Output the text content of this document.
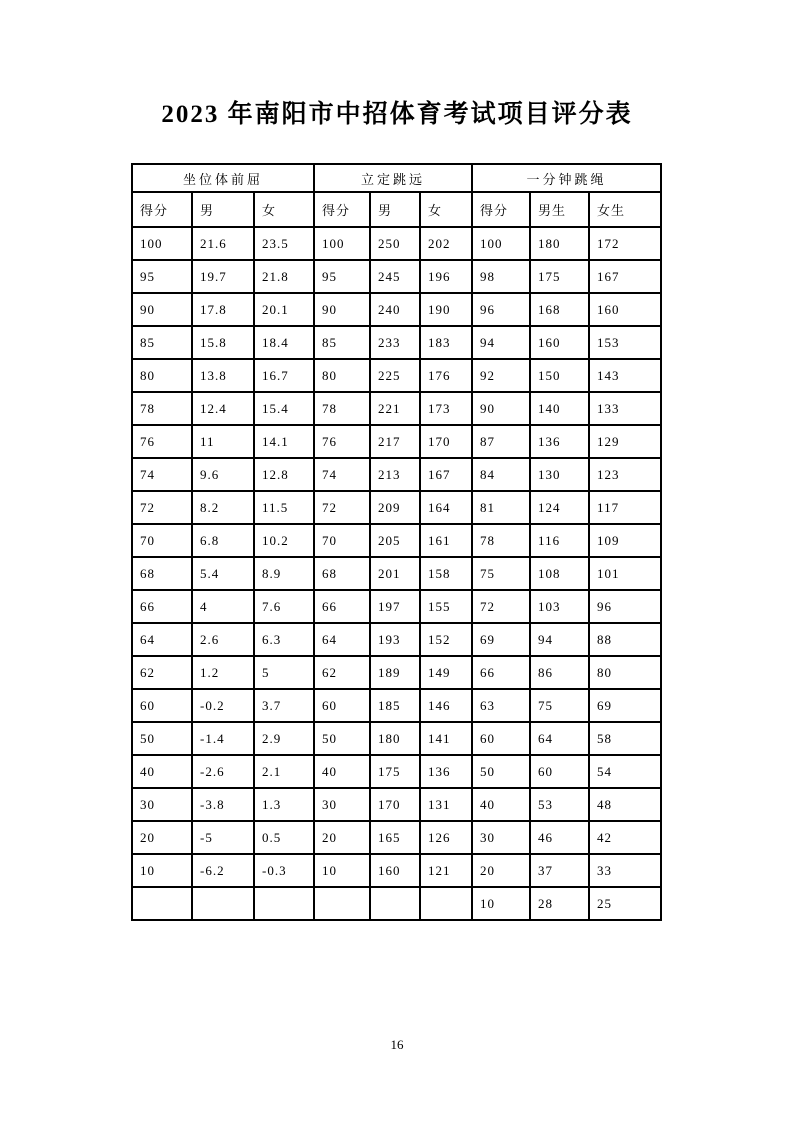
2023 年南阳市中招体育考试项目评分表
坐位体前屈			立定跳远			一分钟跳绳		
得分	男	女	得分	男	女	得分	男生	女生
100	21.6	23.5	100	250	202	100	180	172
95	19.7	21.8	95	245	196	98	175	167
90	17.8	20.1	90	240	190	96	168	160
85	15.8	18.4	85	233	183	94	160	153
80	13.8	16.7	80	225	176	92	150	143
78	12.4	15.4	78	221	173	90	140	133
76	11	14.1	76	217	170	87	136	129
74	9.6	12.8	74	213	167	84	130	123
72	8.2	11.5	72	209	164	81	124	117
70	6.8	10.2	70	205	161	78	116	109
68	5.4	8.9	68	201	158	75	108	101
66	4	7.6	66	197	155	72	103	96
64	2.6	6.3	64	193	152	69	94	88
62	1.2	5	62	189	149	66	86	80
60	-0.2	3.7	60	185	146	63	75	69
50	-1.4	2.9	50	180	141	60	64	58
40	-2.6	2.1	40	175	136	50	60	54
30	-3.8	1.3	30	170	131	40	53	48
20	-5	0.5	20	165	126	30	46	42
10	-6.2	-0.3	10	160	121	20	37	33
						10	28	25
16
